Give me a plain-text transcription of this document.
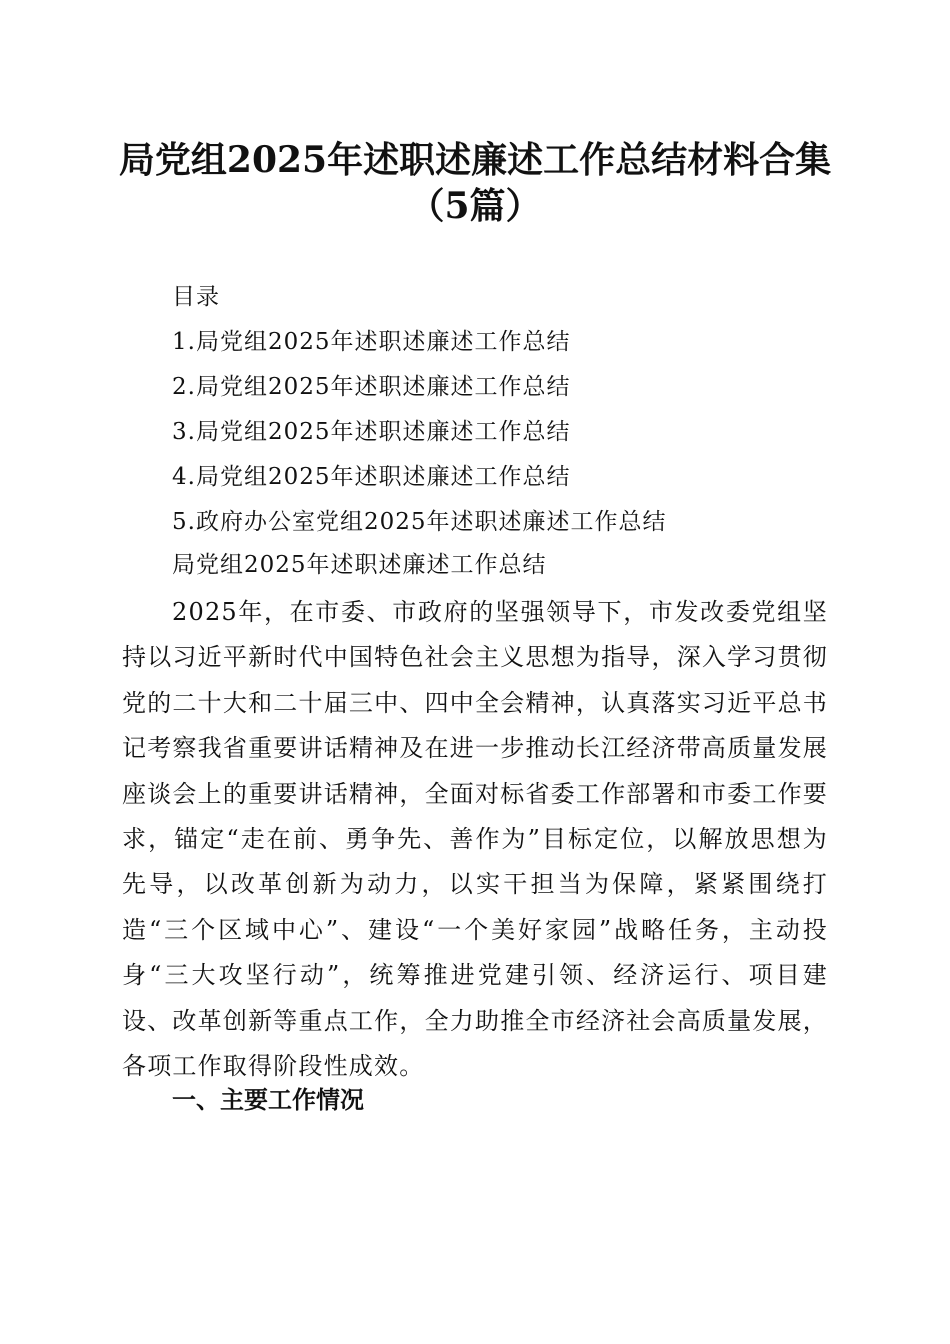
局党组2025年述职述廉述工作总结材料合集
（5篇）

目录

1.局党组2025年述职述廉述工作总结

2.局党组2025年述职述廉述工作总结

3.局党组2025年述职述廉述工作总结

4.局党组2025年述职述廉述工作总结

5.政府办公室党组2025年述职述廉述工作总结

局党组2025年述职述廉述工作总结

2025年，在市委、市政府的坚强领导下，市发改委党组坚持以习近平新时代中国特色社会主义思想为指导，深入学习贯彻党的二十大和二十届三中、四中全会精神，认真落实习近平总书记考察我省重要讲话精神及在进一步推动长江经济带高质量发展座谈会上的重要讲话精神，全面对标省委工作部署和市委工作要求，锚定“走在前、勇争先、善作为”目标定位，以解放思想为先导，以改革创新为动力，以实干担当为保障，紧紧围绕打造“三个区域中心”、建设“一个美好家园”战略任务，主动投身“三大攻坚行动”，统筹推进党建引领、经济运行、项目建设、改革创新等重点工作，全力助推全市经济社会高质量发展，各项工作取得阶段性成效。

一、主要工作情况
